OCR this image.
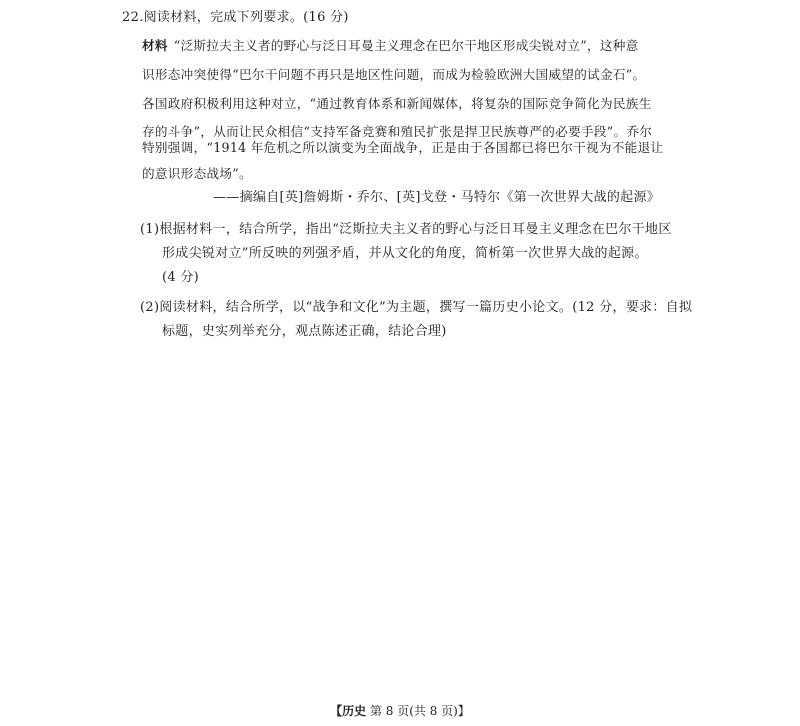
22.阅读材料，完成下列要求。(16 分)
材料 “泛斯拉夫主义者的野心与泛日耳曼主义理念在巴尔干地区形成尖锐对立”，这种意
识形态冲突使得“巴尔干问题不再只是地区性问题，而成为检验欧洲大国威望的试金石”。
各国政府积极利用这种对立，“通过教育体系和新闻媒体，将复杂的国际竞争简化为民族生
存的斗争”，从而让民众相信“支持军备竞赛和殖民扩张是捍卫民族尊严的必要手段”。乔尔
特别强调，“1914 年危机之所以演变为全面战争，正是由于各国都已将巴尔干视为不能退让
的意识形态战场”。
——摘编自[英]詹姆斯・乔尔、[英]戈登・马特尔《第一次世界大战的起源》
(1)根据材料一，结合所学，指出“泛斯拉夫主义者的野心与泛日耳曼主义理念在巴尔干地区
形成尖锐对立”所反映的列强矛盾，并从文化的角度，简析第一次世界大战的起源。
(4 分)
(2)阅读材料，结合所学，以“战争和文化”为主题，撰写一篇历史小论文。(12 分，要求：自拟
标题，史实列举充分，观点陈述正确，结论合理)
【历史 第 8 页(共 8 页)】
